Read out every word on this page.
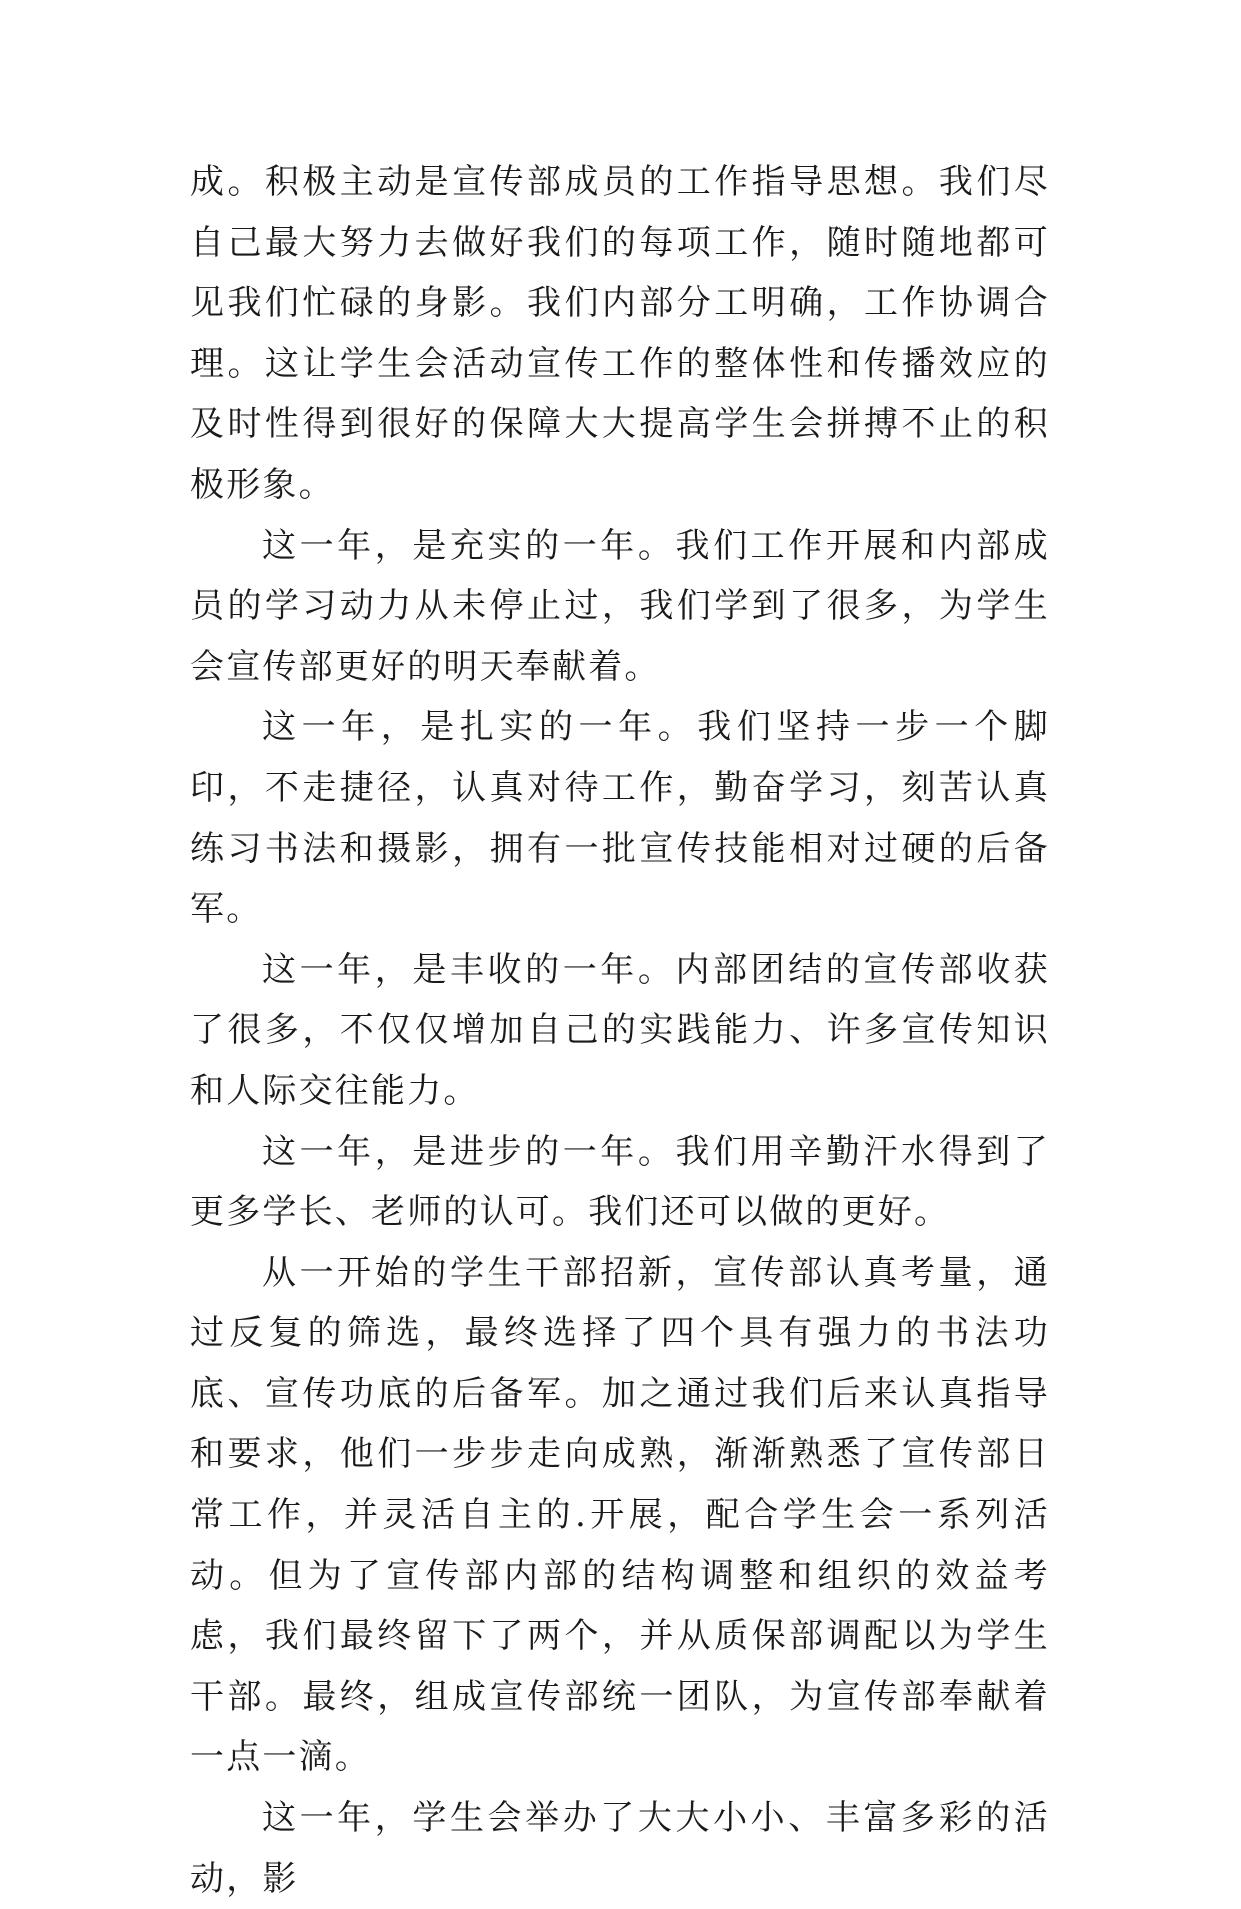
成。积极主动是宣传部成员的工作指导思想。我们尽自己最大努力去做好我们的每项工作，随时随地都可见我们忙碌的身影。我们内部分工明确，工作协调合理。这让学生会活动宣传工作的整体性和传播效应的及时性得到很好的保障大大提高学生会拼搏不止的积极形象。

这一年，是充实的一年。我们工作开展和内部成员的学习动力从未停止过，我们学到了很多，为学生会宣传部更好的明天奉献着。

这一年，是扎实的一年。我们坚持一步一个脚印，不走捷径，认真对待工作，勤奋学习，刻苦认真练习书法和摄影，拥有一批宣传技能相对过硬的后备军。

这一年，是丰收的一年。内部团结的宣传部收获了很多，不仅仅增加自己的实践能力、许多宣传知识和人际交往能力。

这一年，是进步的一年。我们用辛勤汗水得到了更多学长、老师的认可。我们还可以做的更好。

从一开始的学生干部招新，宣传部认真考量，通过反复的筛选，最终选择了四个具有强力的书法功底、宣传功底的后备军。加之通过我们后来认真指导和要求，他们一步步走向成熟，渐渐熟悉了宣传部日常工作，并灵活自主的.开展，配合学生会一系列活动。但为了宣传部内部的结构调整和组织的效益考虑，我们最终留下了两个，并从质保部调配以为学生干部。最终，组成宣传部统一团队，为宣传部奉献着一点一滴。

这一年，学生会举办了大大小小、丰富多彩的活动，影
